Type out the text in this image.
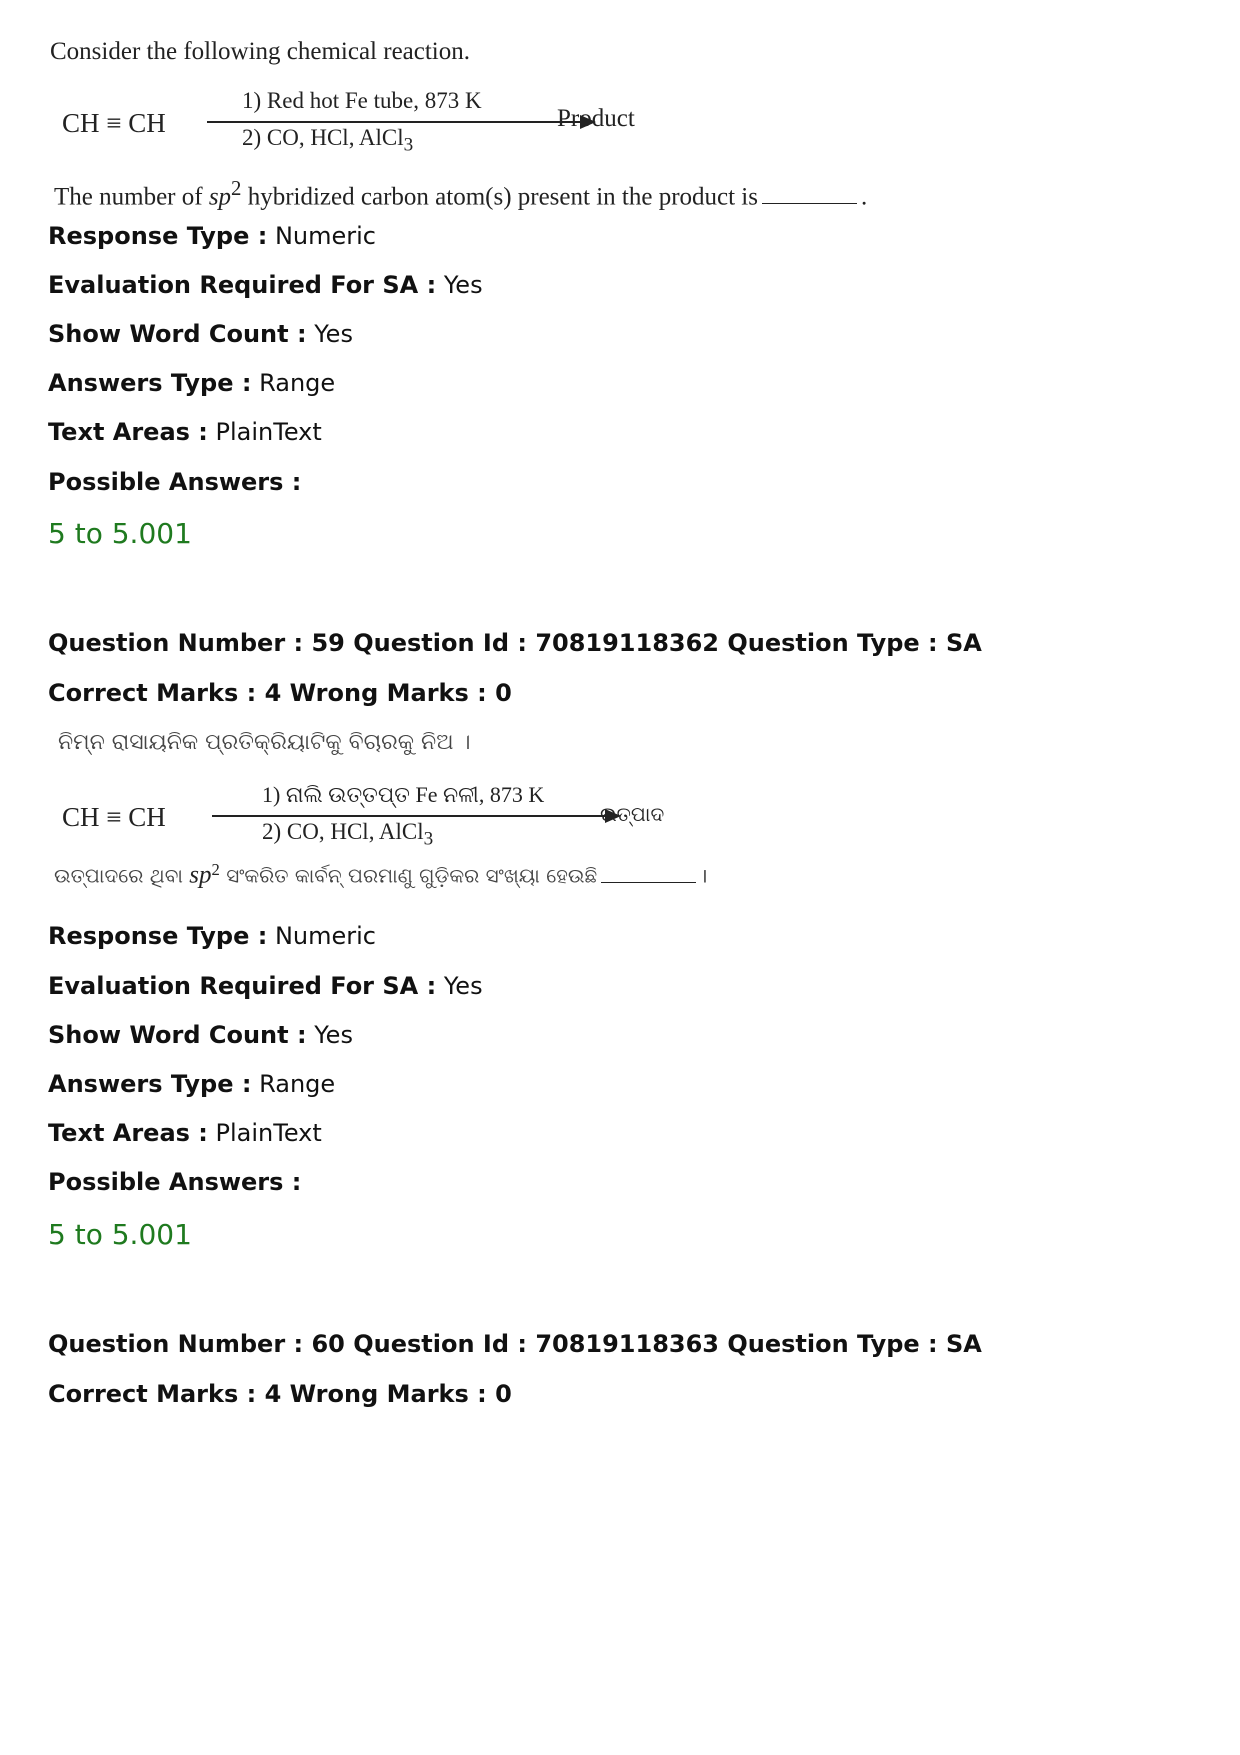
Consider the following chemical reaction.
CH ≡ CH
1) Red hot Fe tube, 873 K
2) CO, HCl, AlCl$_3$
Product
The number of $sp^2$ hybridized carbon atom(s) present in the product is	.
Response Type : Numeric
Evaluation Required For SA : Yes
Show Word Count : Yes
Answers Type : Range
Text Areas : PlainText
Possible Answers :
5 to 5.001
Question Number : 59 Question Id : 70819118362 Question Type : SA
Correct Marks : 4 Wrong Marks : 0
ନିମ୍ନ ରାସାୟନିକ ପ୍ରତିକ୍ରିୟାଟିକୁ ବିଚାରକୁ ନିଅ ।
CH ≡ CH
1) ନାଲି ଉତ୍ତପ୍ତ Fe ନଳୀ, 873 K
2) CO, HCl, AlCl$_3$
ଉତ୍ପାଦ
ଉତ୍ପାଦରେ ଥିବା $sp^2$ ସଂକରିତ କାର୍ବନ୍ ପରମାଣୁ ଗୁଡ଼ିକର ସଂଖ୍ୟା ହେଉଛି	।
Response Type : Numeric
Evaluation Required For SA : Yes
Show Word Count : Yes
Answers Type : Range
Text Areas : PlainText
Possible Answers :
5 to 5.001
Question Number : 60 Question Id : 70819118363 Question Type : SA
Correct Marks : 4 Wrong Marks : 0
